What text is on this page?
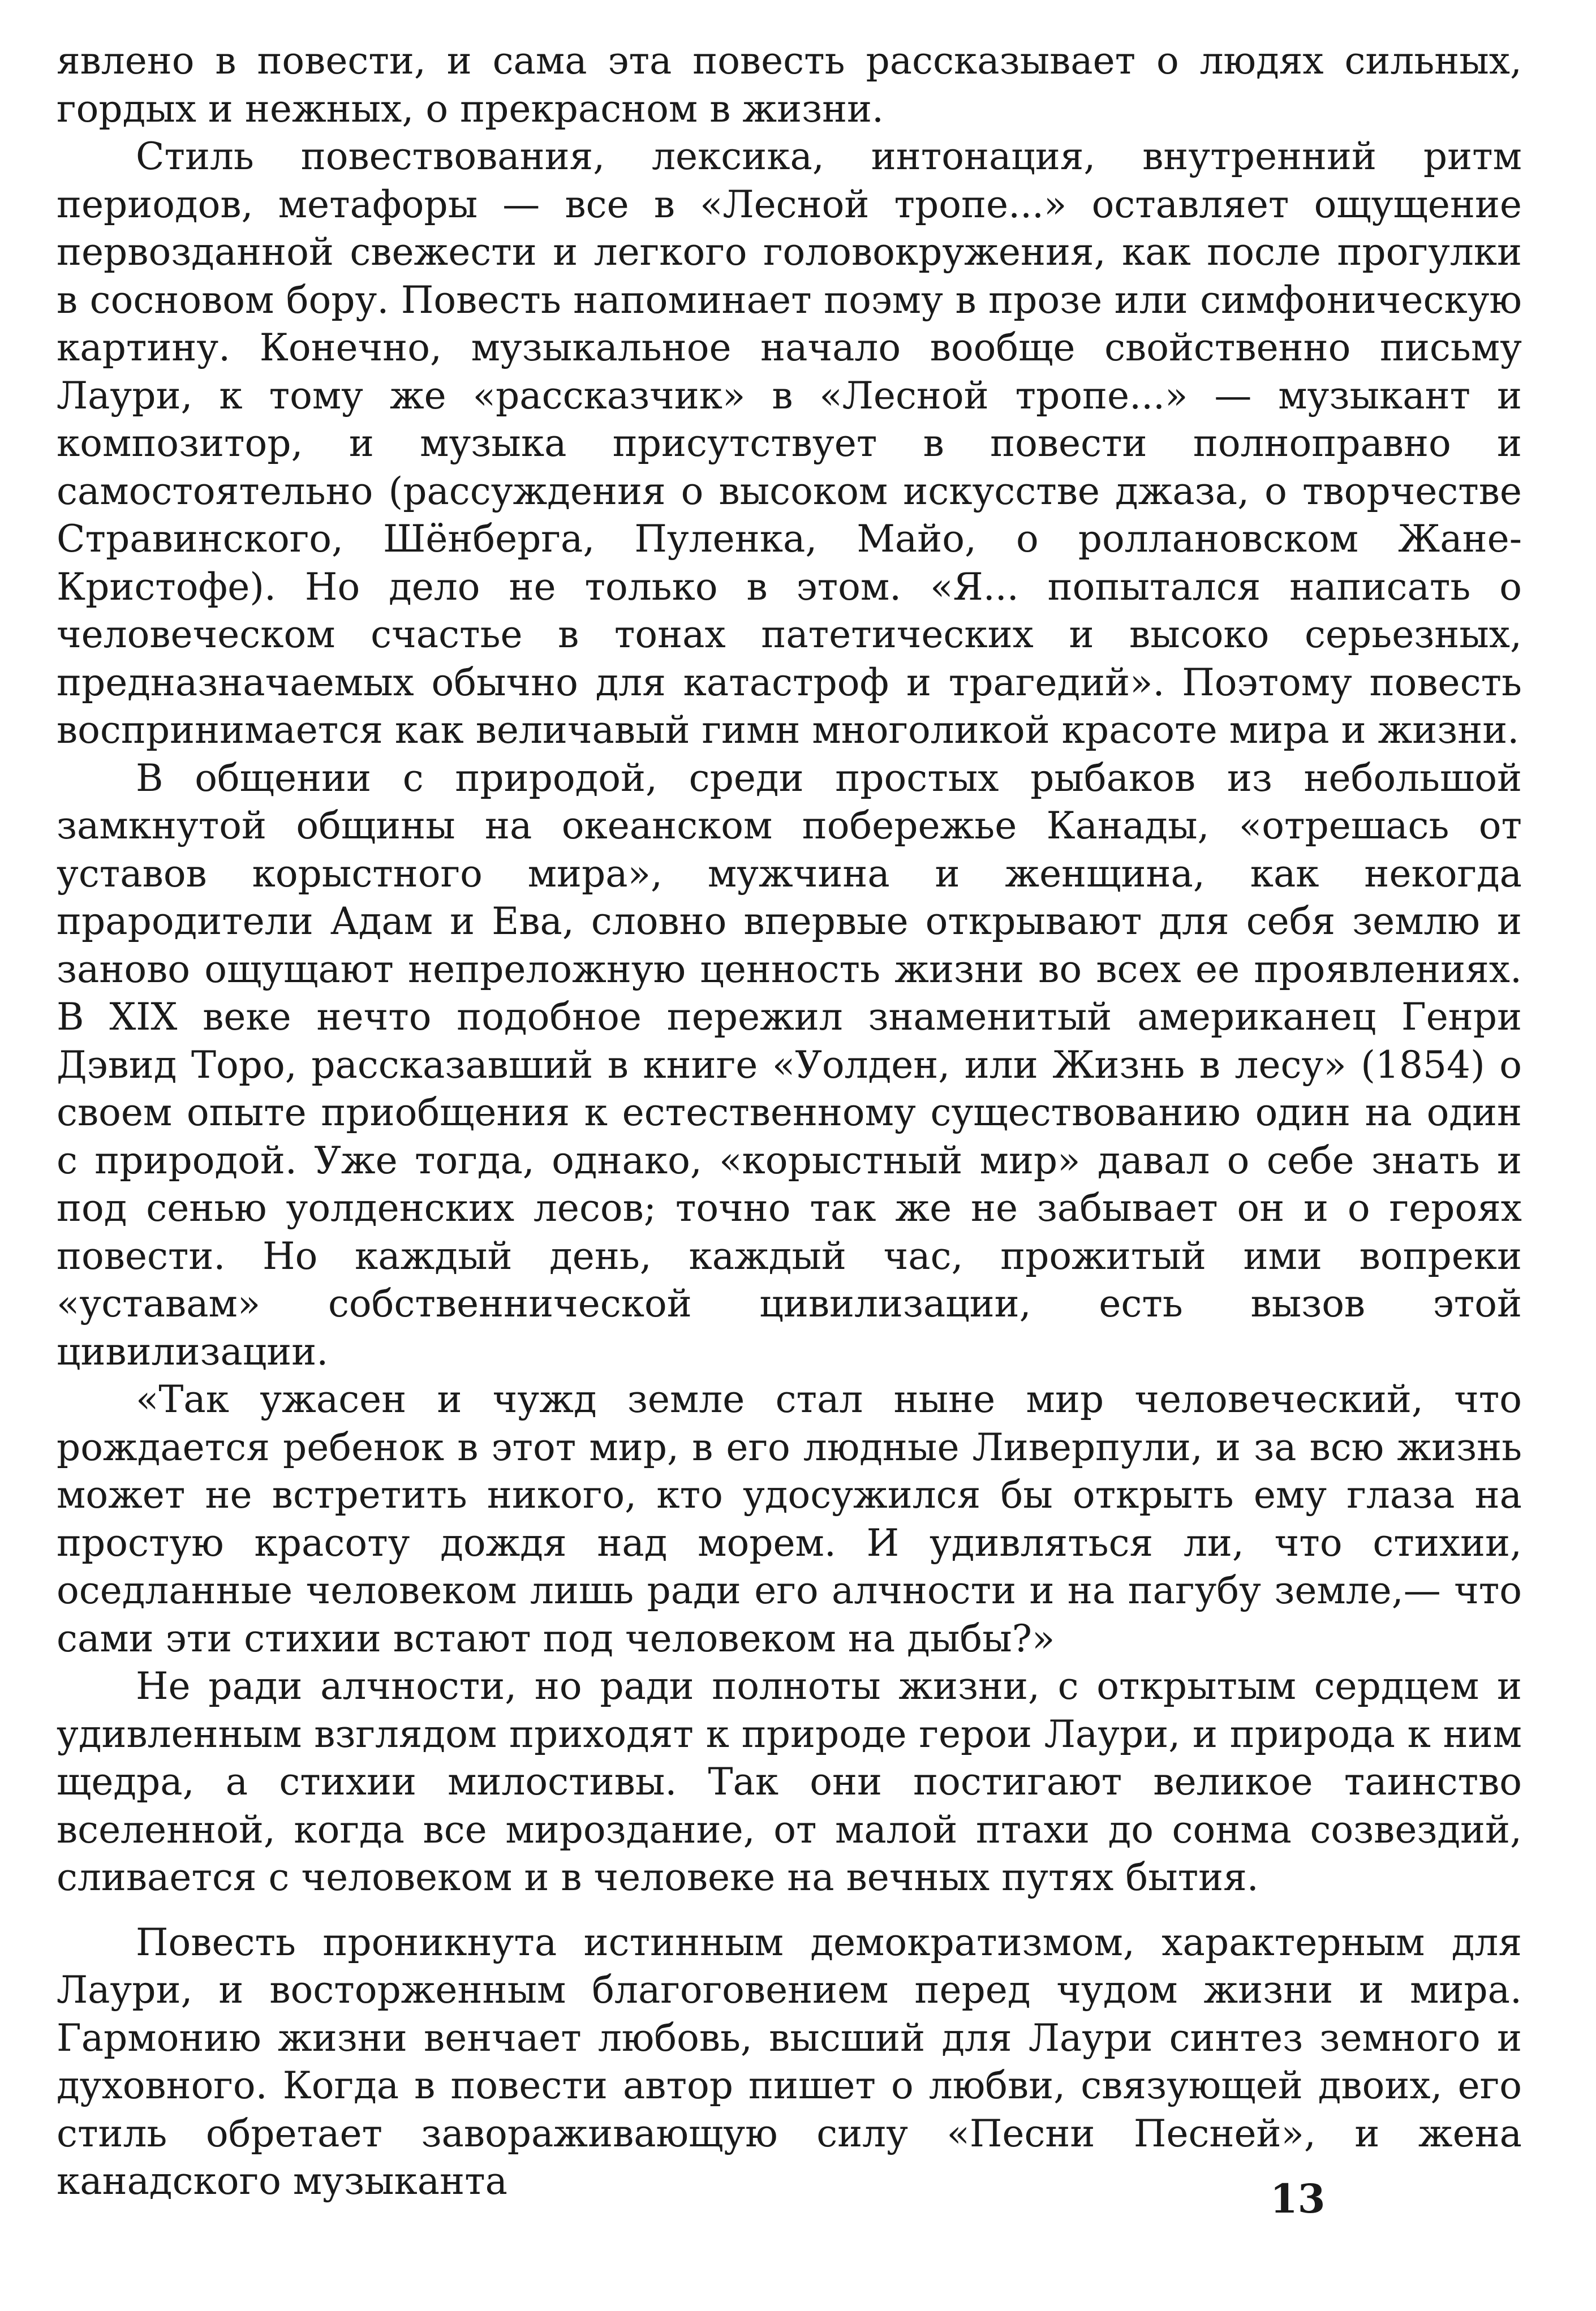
явлено в повести, и сама эта повесть рассказывает о людях сильных, гордых и нежных, о прекрасном в жизни.

Стиль повествования, лексика, интонация, внутренний ритм периодов, метафоры — все в «Лесной тропе...» оставляет ощущение первозданной свежести и легкого головокружения, как после прогулки в сосновом бору. Повесть напоминает поэму в прозе или симфоническую картину. Конечно, музыкальное начало вообще свойственно письму Лаури, к тому же «рассказчик» в «Лесной тропе...» — музыкант и композитор, и музыка присутствует в повести полноправно и самостоятельно (рассуждения о высоком искусстве джаза, о творчестве Стравинского, Шёнберга, Пуленка, Майо, о роллановском Жане-Кристофе). Но дело не только в этом. «Я... попытался написать о человеческом счастье в тонах патетических и высоко серьезных, предназначаемых обычно для катастроф и трагедий». Поэтому повесть воспринимается как величавый гимн многоликой красоте мира и жизни.

В общении с природой, среди простых рыбаков из небольшой замкнутой общины на океанском побережье Канады, «отрешась от уставов корыстного мира», мужчина и женщина, как некогда прародители Адам и Ева, словно впервые открывают для себя землю и заново ощущают непреложную ценность жизни во всех ее проявлениях. В XIX веке нечто подобное пережил знаменитый американец Генри Дэвид Торо, рассказавший в книге «Уолден, или Жизнь в лесу» (1854) о своем опыте приобщения к естественному существованию один на один с природой. Уже тогда, однако, «корыстный мир» давал о себе знать и под сенью уолденских лесов; точно так же не забывает он и о героях повести. Но каждый день, каждый час, прожитый ими вопреки «уставам» собственнической цивилизации, есть вызов этой цивилизации.

«Так ужасен и чужд земле стал ныне мир человеческий, что рождается ребенок в этот мир, в его людные Ливерпули, и за всю жизнь может не встретить никого, кто удосужился бы открыть ему глаза на простую красоту дождя над морем. И удивляться ли, что стихии, оседланные человеком лишь ради его алчности и на пагубу земле,— что сами эти стихии встают под человеком на дыбы?»

Не ради алчности, но ради полноты жизни, с открытым сердцем и удивленным взглядом приходят к природе герои Лаури, и природа к ним щедра, а стихии милостивы. Так они постигают великое таинство вселенной, когда все мироздание, от малой птахи до сонма созвездий, сливается с человеком и в человеке на вечных путях бытия.

Повесть проникнута истинным демократизмом, характерным для Лаури, и восторженным благоговением перед чудом жизни и мира. Гармонию жизни венчает любовь, высший для Лаури синтез земного и духовного. Когда в повести автор пишет о любви, связующей двоих, его стиль обретает завораживающую силу «Песни Песней», и жена канадского музыканта	13
